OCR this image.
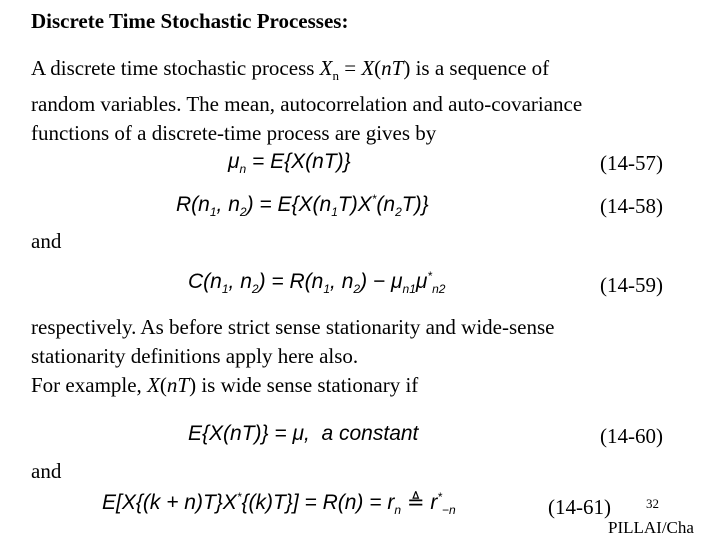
Discrete Time Stochastic Processes:
A discrete time stochastic process $X_n = X(nT)$ is a sequence of
random variables. The mean, autocorrelation and auto-covariance
functions of a discrete-time process are gives by
$\mu_n = E\{X(nT)\}$	(14-57)
$R(n_1$, $n_2) = E\{X(n_1T)X^*(n_2T)\}$	(14-58)
and
$C(n_1$, $n_2) = R(n_1$, $n_2) - \mu_{n1}\mu^*_{n2}$	(14-59)
respectively. As before strict sense stationarity and wide-sense
stationarity definitions apply here also.
For example, X(nT) is wide sense stationary if
E{X(nT)} = μ, a constant	(14-60)
and
$E[X\{(k + n)T\}X^*\{(k)T\}] = R(n) = r_n$ ≜ $r^*_{-n}$	(14-61)	32
PILLAI/Cha
